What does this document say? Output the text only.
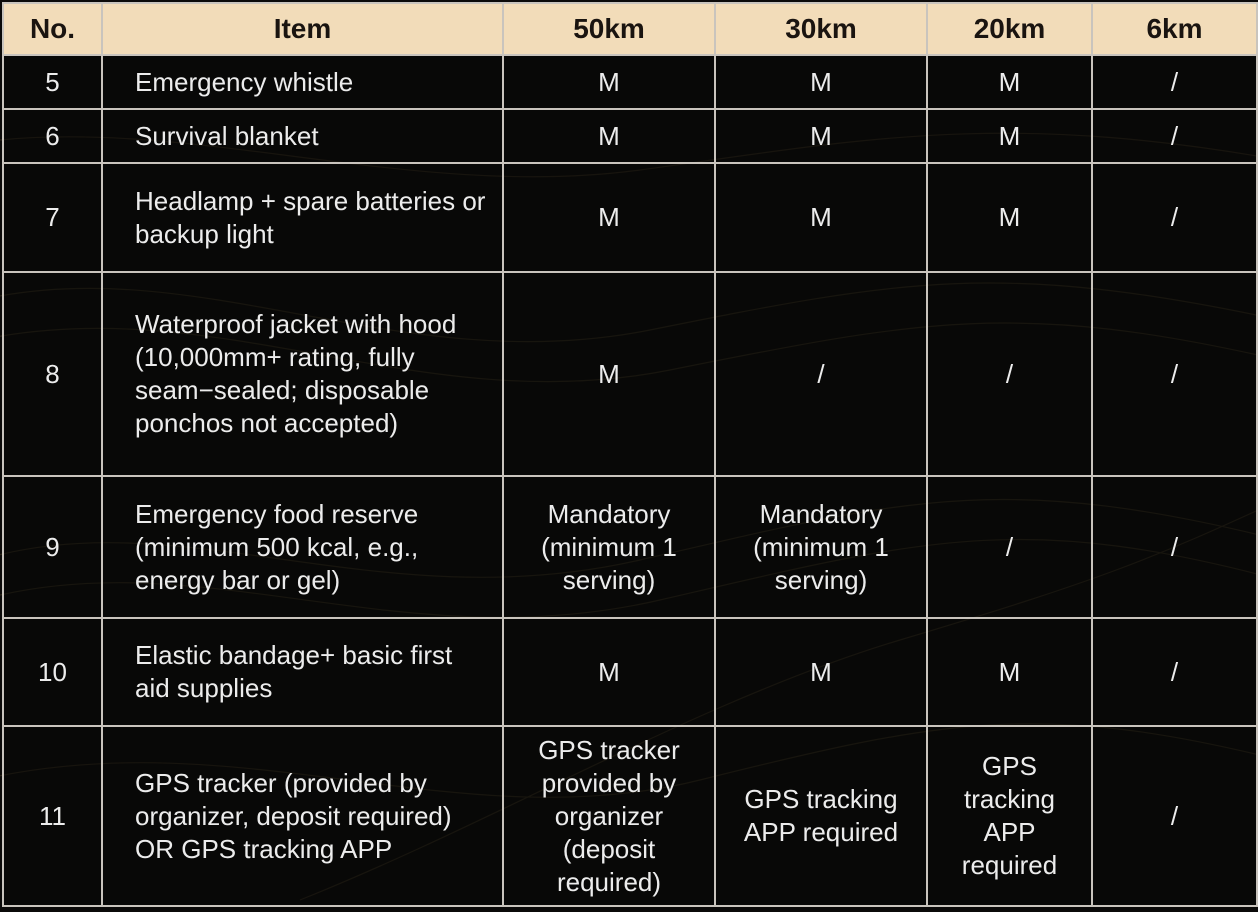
No.	Item	50km	30km	20km	6km
5	Emergency whistle	M	M	M	/
6	Survival blanket	M	M	M	/
7	Headlamp + spare batteries or backup light	M	M	M	/
8	Waterproof jacket with hood (10,000mm+ rating, fully seam−sealed; disposable ponchos not accepted)	M	/	/	/
9	Emergency food reserve (minimum 500 kcal, e.g., energy bar or gel)	Mandatory (minimum 1 serving)	Mandatory (minimum 1 serving)	/	/
10	Elastic bandage+ basic first aid supplies	M	M	M	/
11	GPS tracker (provided by organizer, deposit required) OR GPS tracking APP	GPS tracker provided by organizer (deposit required)	GPS tracking APP required	GPS tracking APP required	/
